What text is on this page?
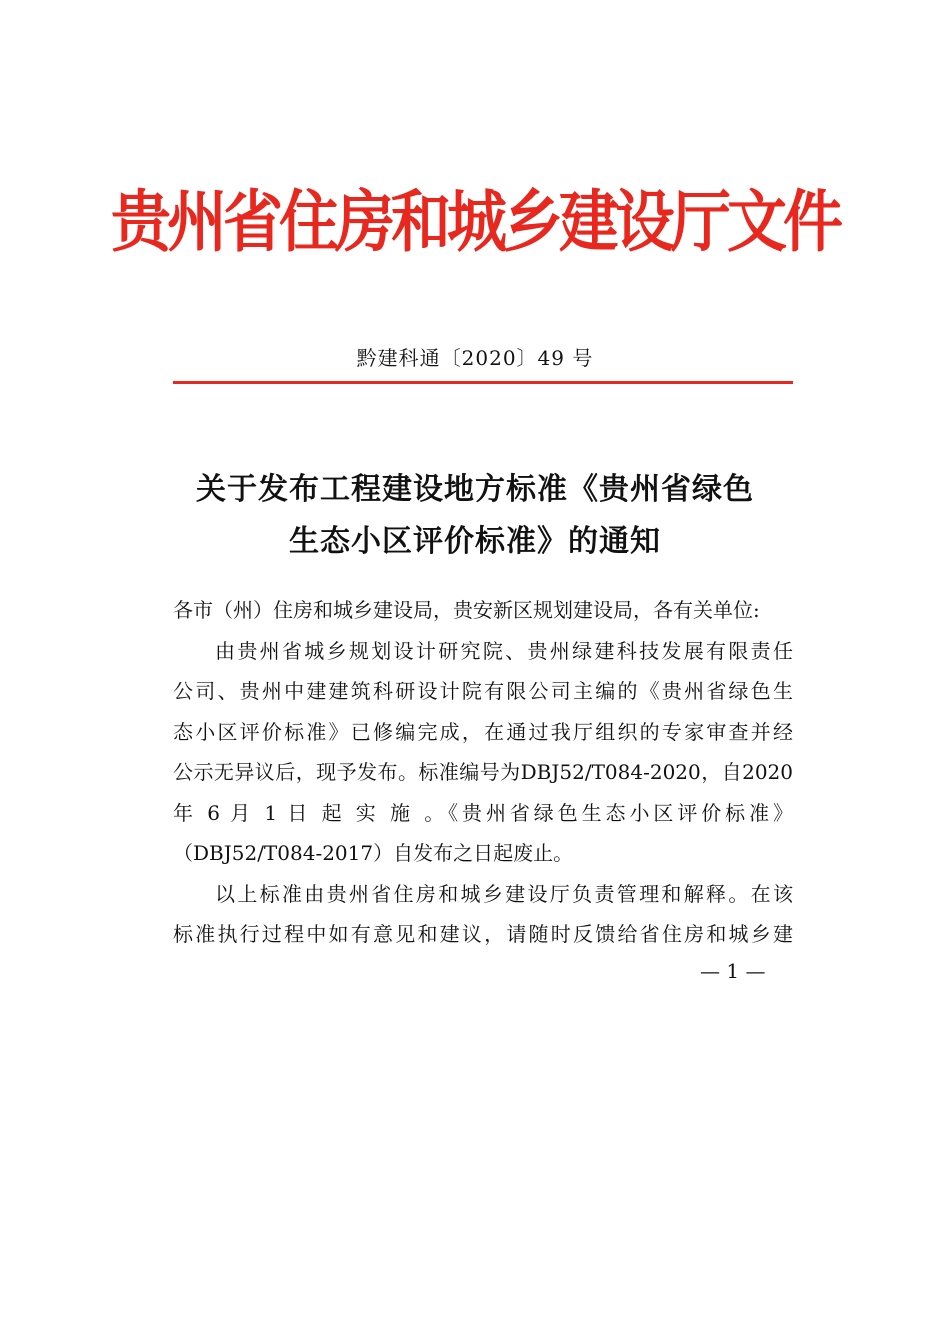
贵州省住房和城乡建设厅文件
黔建科通〔2020〕49 号
关于发布工程建设地方标准《贵州省绿色
生态小区评价标准》的通知
各市（州）住房和城乡建设局，贵安新区规划建设局，各有关单位:
由贵州省城乡规划设计研究院、贵州绿建科技发展有限责任
公司、贵州中建建筑科研设计院有限公司主编的《贵州省绿色生
态小区评价标准》已修编完成，在通过我厅组织的专家审查并经
公示无异议后，现予发布。标准编号为DBJ52/T084-2020，自2020
年 6 月 1 日 起 实 施 。《贵州省绿色生态小区评价标准》
（DBJ52/T084-2017）自发布之日起废止。
以上标准由贵州省住房和城乡建设厅负责管理和解释。在该
标准执行过程中如有意见和建议，请随时反馈给省住房和城乡建
— 1 —
